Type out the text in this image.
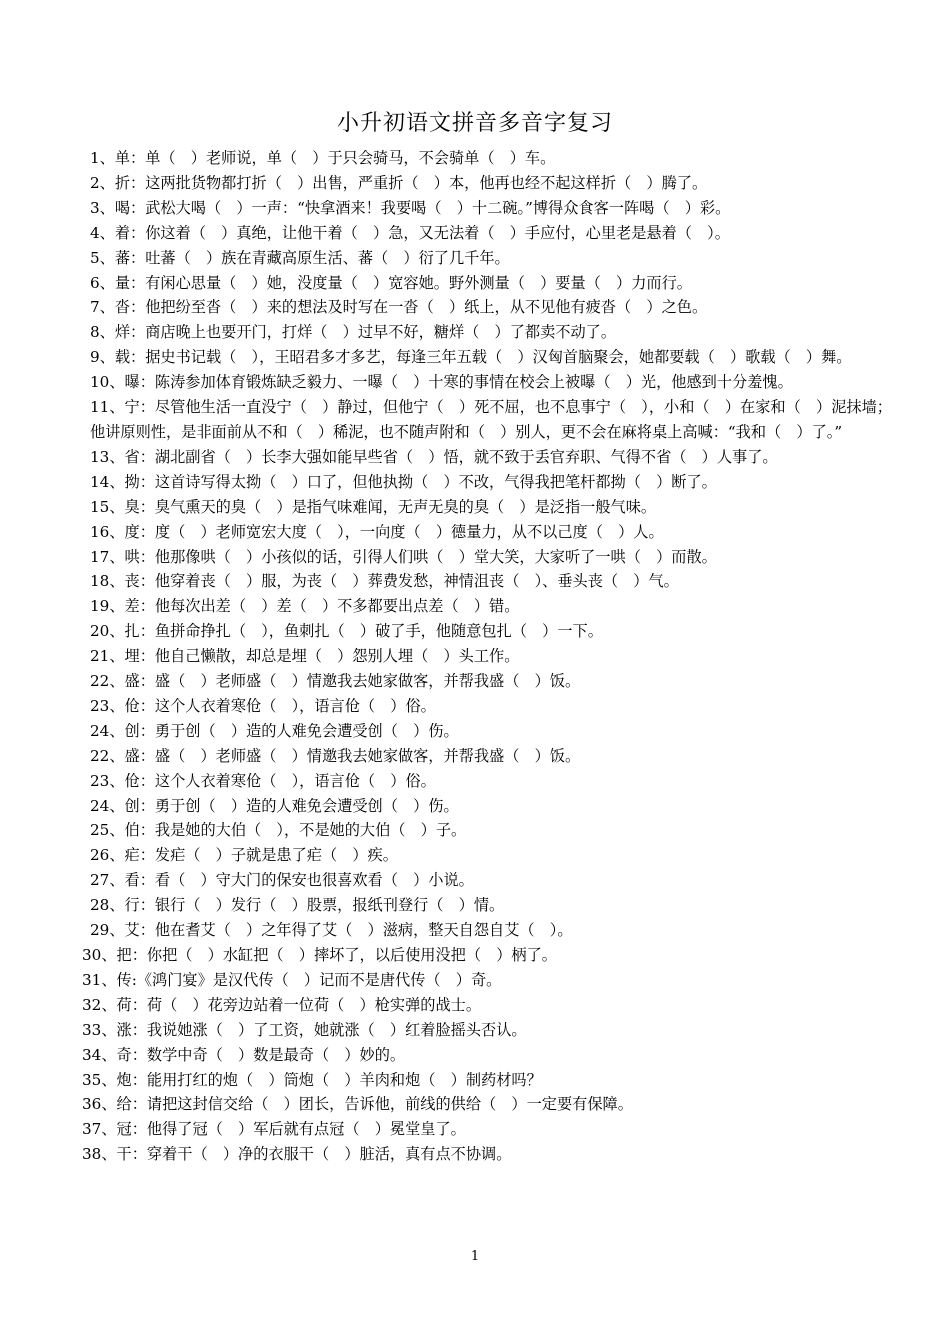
小升初语文拼音多音字复习
1、单：单（　）老师说，单（　）于只会骑马，不会骑单（　）车。
2、折：这两批货物都打折（　）出售，严重折（　）本，他再也经不起这样折（　）腾了。
3、喝：武松大喝（　）一声：“快拿酒来！我要喝（　）十二碗。”博得众食客一阵喝（　）彩。
4、着：你这着（　）真绝，让他干着（　）急，又无法着（　）手应付，心里老是悬着（　）。
5、蕃：吐蕃（　）族在青藏高原生活、蕃（　）衍了几千年。
6、量：有闲心思量（　）她，没度量（　）宽容她。野外测量（　）要量（　）力而行。
7、沓：他把纷至沓（　）来的想法及时写在一沓（　）纸上，从不见他有疲沓（　）之色。
8、烊：商店晚上也要开门，打烊（　）过早不好，糖烊（　）了都卖不动了。
9、载：据史书记载（　），王昭君多才多艺，每逢三年五载（　）汉匈首脑聚会，她都要载（　）歌载（　）舞。
10、曝：陈涛参加体育锻炼缺乏毅力、一曝（　）十寒的事情在校会上被曝（　）光，他感到十分羞愧。
11、宁：尽管他生活一直没宁（　）静过，但他宁（　）死不屈，也不息事宁（　），小和（　）在家和（　）泥抹墙；他讲原则性，是非面前从不和（　）稀泥，也不随声附和（　）别人，更不会在麻将桌上高喊：“我和（　）了。”
13、省：湖北副省（　）长李大强如能早些省（　）悟，就不致于丢官弃职、气得不省（　）人事了。
14、拗：这首诗写得太拗（　）口了，但他执拗（　）不改，气得我把笔杆都拗（　）断了。
15、臭：臭气熏天的臭（　）是指气味难闻，无声无臭的臭（　）是泛指一般气味。
16、度：度（　）老师宽宏大度（　），一向度（　）德量力，从不以己度（　）人。
17、哄：他那像哄（　）小孩似的话，引得人们哄（　）堂大笑，大家听了一哄（　）而散。
18、丧：他穿着丧（　）服，为丧（　）葬费发愁，神情沮丧（　）、垂头丧（　）气。
19、差：他每次出差（　）差（　）不多都要出点差（　）错。
20、扎：鱼拼命挣扎（　），鱼刺扎（　）破了手，他随意包扎（　）一下。
21、埋：他自己懒散，却总是埋（　）怨别人埋（　）头工作。
22、盛：盛（　）老师盛（　）情邀我去她家做客，并帮我盛（　）饭。
23、伧：这个人衣着寒伧（　），语言伧（　）俗。
24、创：勇于创（　）造的人难免会遭受创（　）伤。
22、盛：盛（　）老师盛（　）情邀我去她家做客，并帮我盛（　）饭。
23、伧：这个人衣着寒伧（　），语言伧（　）俗。
24、创：勇于创（　）造的人难免会遭受创（　）伤。
25、伯：我是她的大伯（　），不是她的大伯（　）子。
26、疟：发疟（　）子就是患了疟（　）疾。
27、看：看（　）守大门的保安也很喜欢看（　）小说。
28、行：银行（　）发行（　）股票，报纸刊登行（　）情。
29、艾：他在耆艾（　）之年得了艾（　）滋病，整天自怨自艾（　）。
30、把：你把（　）水缸把（　）摔坏了，以后使用没把（　）柄了。
31、传:《鸿门宴》是汉代传（　）记而不是唐代传（　）奇。
32、荷：荷（　）花旁边站着一位荷（　）枪实弹的战士。
33、涨：我说她涨（　）了工资，她就涨（　）红着脸摇头否认。
34、奇：数学中奇（　）数是最奇（　）妙的。
35、炮：能用打红的炮（　）筒炮（　）羊肉和炮（　）制药材吗？
36、给：请把这封信交给（　）团长，告诉他，前线的供给（　）一定要有保障。
37、冠：他得了冠（　）军后就有点冠（　）冕堂皇了。
38、干：穿着干（　）净的衣服干（　）脏活，真有点不协调。
1
